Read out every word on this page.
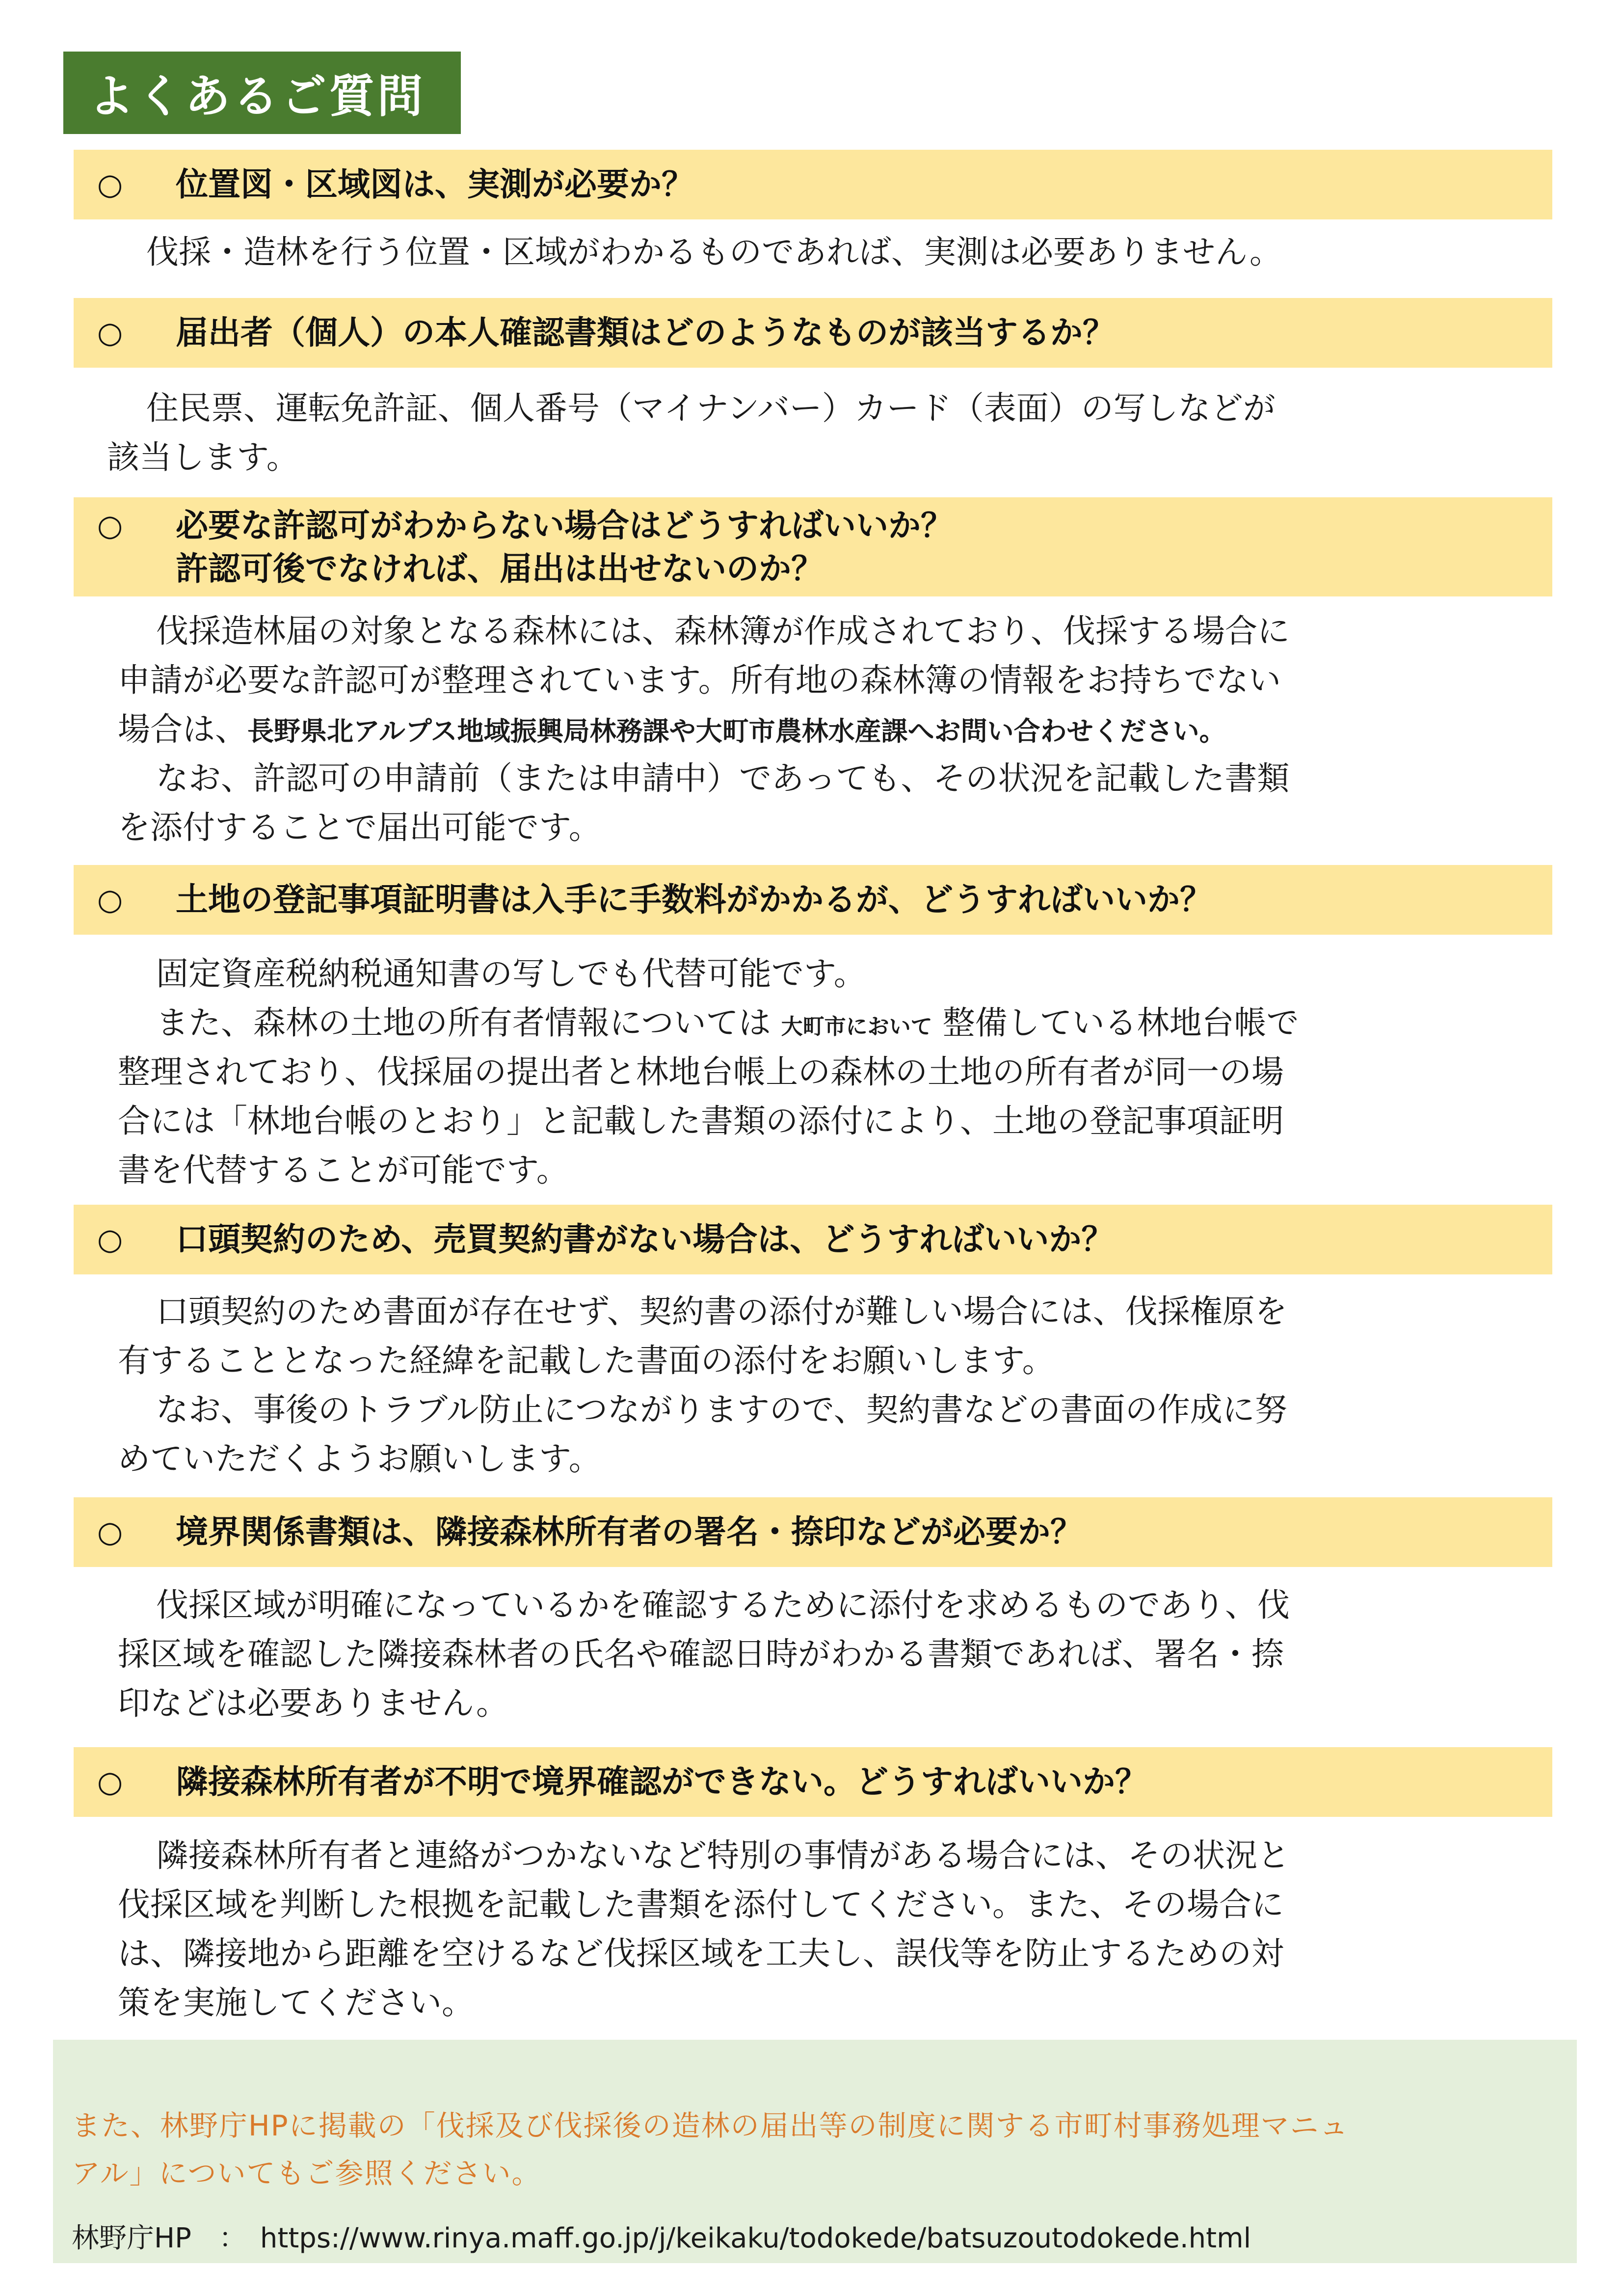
よくあるご質問
○ 位置図・区域図は、実測が必要か？
伐採・造林を行う位置・区域がわかるものであれば、実測は必要ありません。
○ 届出者（個人）の本人確認書類はどのようなものが該当するか？
住民票、運転免許証、個人番号（マイナンバー）カード（表面）の写しなどが
該当します。
○ 必要な許認可がわからない場合はどうすればいいか？
許認可後でなければ、届出は出せないのか？
伐採造林届の対象となる森林には、森林簿が作成されており、伐採する場合に
申請が必要な許認可が整理されています。所有地の森林簿の情報をお持ちでない
場合は、長野県北アルプス地域振興局林務課や大町市農林水産課へお問い合わせください。
なお、許認可の申請前（または申請中）であっても、その状況を記載した書類
を添付することで届出可能です。
○ 土地の登記事項証明書は入手に手数料がかかるが、どうすればいいか？
固定資産税納税通知書の写しでも代替可能です。
また、森林の土地の所有者情報については 大町市において 整備している林地台帳で
整理されており、伐採届の提出者と林地台帳上の森林の土地の所有者が同一の場
合には「林地台帳のとおり」と記載した書類の添付により、土地の登記事項証明
書を代替することが可能です。
○ 口頭契約のため、売買契約書がない場合は、どうすればいいか？
口頭契約のため書面が存在せず、契約書の添付が難しい場合には、伐採権原を
有することとなった経緯を記載した書面の添付をお願いします。
なお、事後のトラブル防止につながりますので、契約書などの書面の作成に努
めていただくようお願いします。
○ 境界関係書類は、隣接森林所有者の署名・捺印などが必要か？
伐採区域が明確になっているかを確認するために添付を求めるものであり、伐
採区域を確認した隣接森林者の氏名や確認日時がわかる書類であれば、署名・捺
印などは必要ありません。
○ 隣接森林所有者が不明で境界確認ができない。どうすればいいか？
隣接森林所有者と連絡がつかないなど特別の事情がある場合には、その状況と
伐採区域を判断した根拠を記載した書類を添付してください。また、その場合に
は、隣接地から距離を空けるなど伐採区域を工夫し、誤伐等を防止するための対
策を実施してください。
また、林野庁HPに掲載の「伐採及び伐採後の造林の届出等の制度に関する市町村事務処理マニュ
アル」についてもご参照ください。
林野庁HP　：　https://www.rinya.maff.go.jp/j/keikaku/todokede/batsuzoutodokede.html
